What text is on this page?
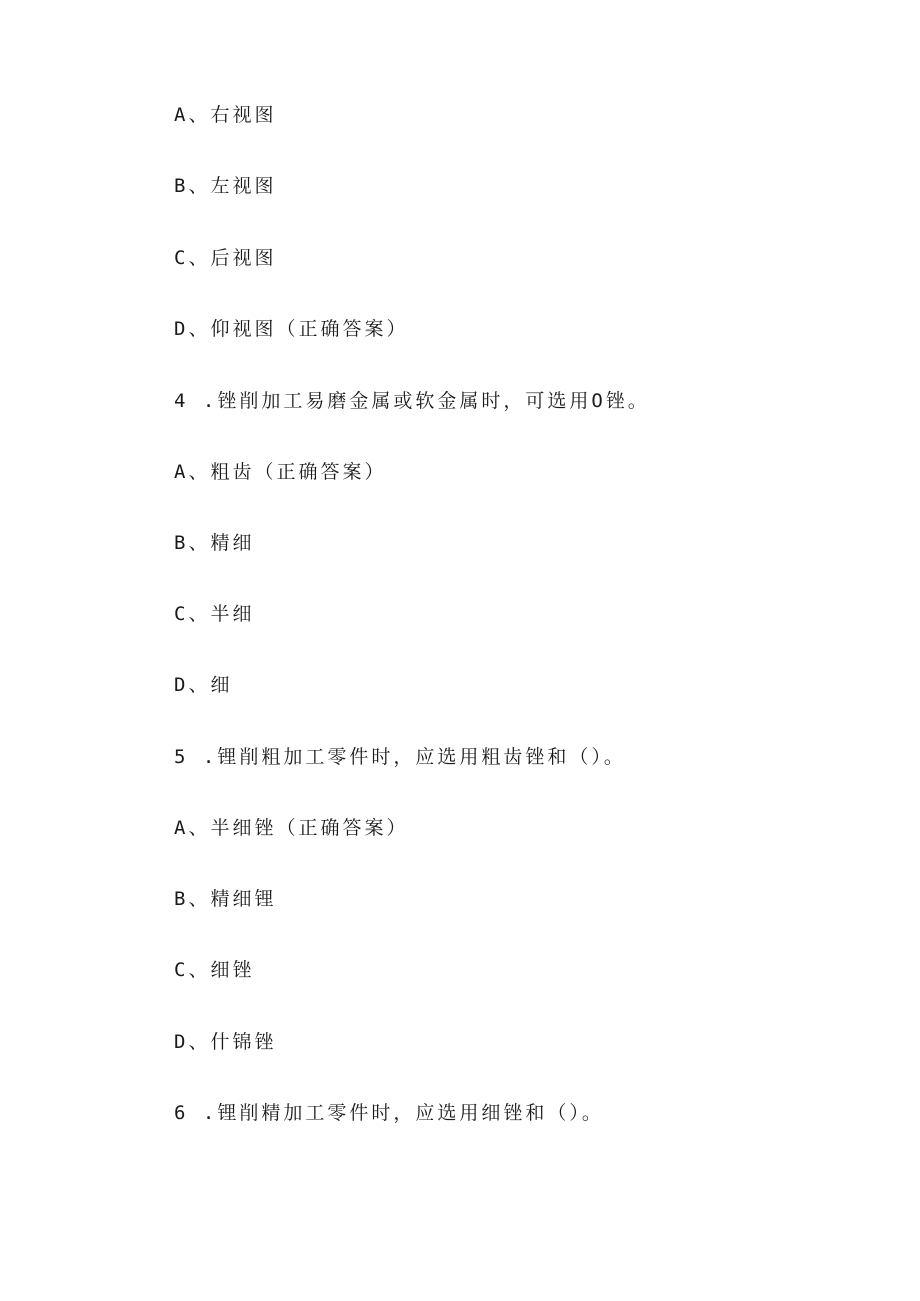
A、右视图
B、左视图
C、后视图
D、仰视图（正确答案）
4 .锉削加工易磨金属或软金属时，可选用O锉。
A、粗齿（正确答案）
B、精细
C、半细
D、细
5 .锂削粗加工零件时，应选用粗齿锉和（）。
A、半细锉（正确答案）
B、精细锂
C、细锉
D、什锦锉
6 .锂削精加工零件时，应选用细锉和（）。
